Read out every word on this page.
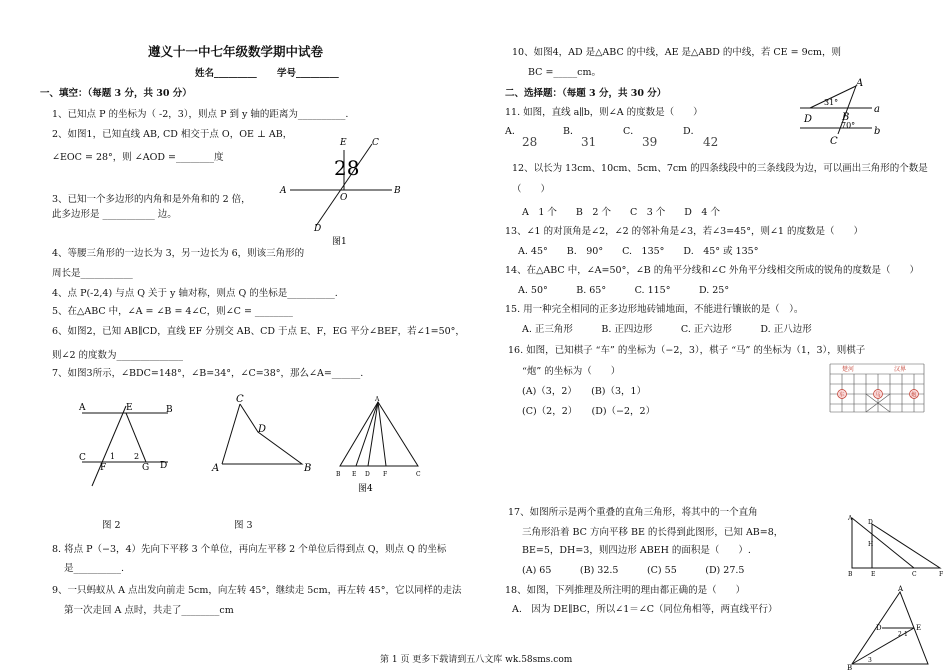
遵义十一中七年级数学期中试卷
姓名_________ 学号_________
一、填空：（每题 3 分，共 30 分）
1、已知点 P 的坐标为（ -2，3），则点 P 到 y 轴的距离为__________.
2、如图1，已知直线 AB, CD 相交于点 O，OE ⊥ AB，
∠EOC = 28°，则 ∠AOD =________度
3、已知一个多边形的内角和是外角和的 2 倍，
此多边形是 ___________ 边。
4、等腰三角形的一边长为 3，另一边长为 6，则该三角形的
周长是___________
4、点 P(-2,4) 与点 Q 关于 y 轴对称，则点 Q 的坐标是__________.
5、在△ABC 中，∠A = ∠B = 4∠C，则∠C = ________
6、如图2，已知 AB∥CD，直线 EF 分别交 AB、CD 于点 E、F，EG 平分∠BEF，若∠1=50°，
则∠2 的度数为______________
7、如图3所示，∠BDC=148°，∠B=34°，∠C=38°，那么∠A=______.
E	C
A	B
O
D
28
图1
A	E	B
C
F	G D
1 2
图 2
C
D
A	B
图 3
A
B E D F	C
图4
8. 将点 P（−3，4）先向下平移 3 个单位，再向左平移 2 个单位后得到点 Q，则点 Q 的坐标
是__________.
9、一只蚂蚁从 A 点出发向前走 5cm，向左转 45°，继续走 5cm，再左转 45°，它以同样的走法
第一次走回 A 点时，共走了________cm
10、如图4，AD 是△ABC 的中线，AE 是△ABD 的中线，若 CE = 9cm，则
BC =_____cm。
二、选择题：（每题 3 分，共 30 分）
11. 如图，直线 a∥b，则∠A 的度数是（　　）
A．
28
B．
31
C．
39
D．
42
A
31°
a
D	B
70°
C
b
12、以长为 13cm、10cm、5cm、7cm 的四条线段中的三条线段为边，可以画出三角形的个数是
（　　）
A　1 个　　B　2 个　　C　3 个　　D　4 个
13、∠1 的对顶角是∠2，∠2 的邻补角是∠3，若∠3=45°，则∠1 的度数是（　　）
A. 45°　　B.　90°　　C.　135°　　D.　45° 或 135°
14、在△ABC 中，∠A=50°，∠B 的角平分线和∠C 外角平分线相交所成的锐角的度数是（　　）
A. 50°　　　B. 65°　　　C. 115°　　　D. 25°
15. 用一种完全相同的正多边形地砖铺地面，不能进行镶嵌的是（　）。
A. 正三角形　　　B. 正四边形　　　C. 正六边形　　　D. 正八边形
16. 如图，已知棋子 “车” 的坐标为（−2，3），棋子 “马” 的坐标为（1，3），则棋子
“炮” 的坐标为（　　）
(A)（3，2）　　(B)（3，1）
(C)（2，2）　　(D)（−2，2）
楚河	汉界
车	马	炮
17、如图所示是两个重叠的直角三角形，将其中的一个直角
三角形沿着 BC 方向平移 BE 的长得到此图形，已知 AB=8，
BE=5，DH=3，则四边形 ABEH 的面积是（　　）.
(A) 65　　　(B) 32.5　　　(C) 55　　　(D) 27.5
A
D
H
B	E	C	F
18、如图，下列推理及所注明的理由都正确的是（　　）
A.　因为 DE∥BC，所以∠1＝∠C（同位角相等，两直线平行）
A
D	E
2 1
B
3
第 1 页 更多下载请到五八文库 wk.58sms.com
